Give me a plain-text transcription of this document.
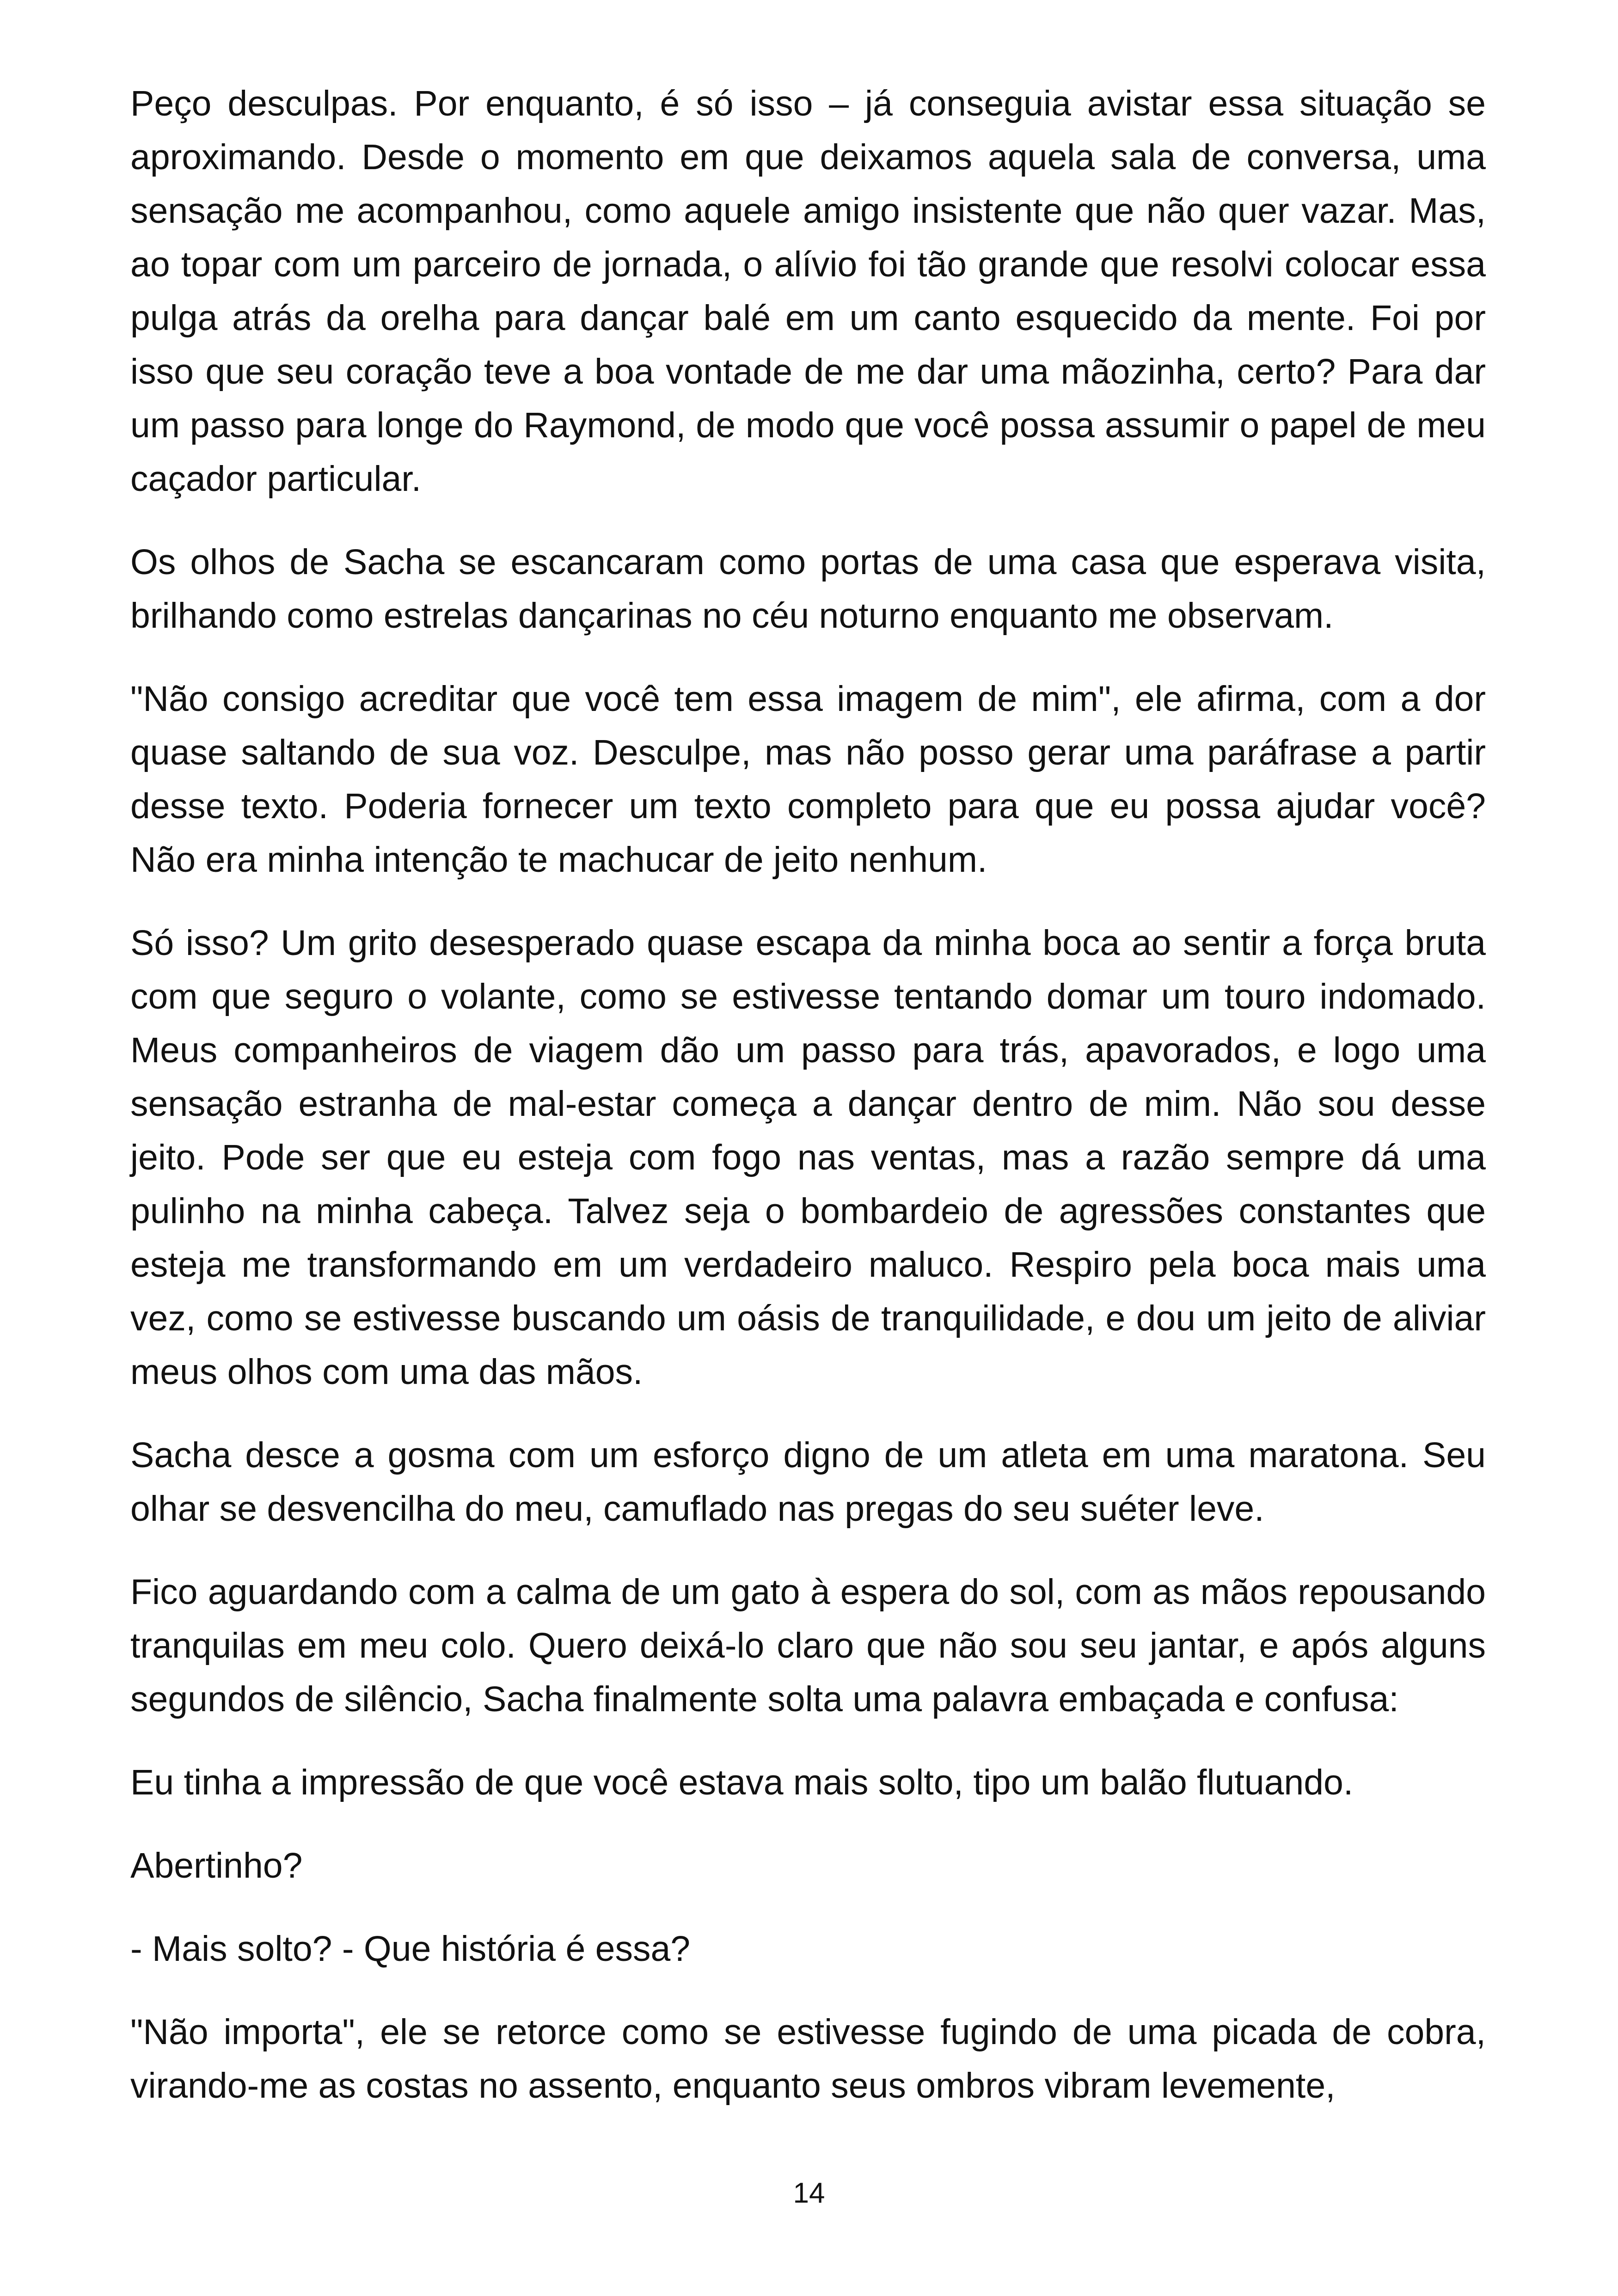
Peço desculpas. Por enquanto, é só isso – já conseguia avistar essa situação se aproximando. Desde o momento em que deixamos aquela sala de conversa, uma sensação me acompanhou, como aquele amigo insistente que não quer vazar. Mas, ao topar com um parceiro de jornada, o alívio foi tão grande que resolvi colocar essa pulga atrás da orelha para dançar balé em um canto esquecido da mente. Foi por isso que seu coração teve a boa vontade de me dar uma mãozinha, certo? Para dar um passo para longe do Raymond, de modo que você possa assumir o papel de meu caçador particular.

Os olhos de Sacha se escancaram como portas de uma casa que esperava visita, brilhando como estrelas dançarinas no céu noturno enquanto me observam.

"Não consigo acreditar que você tem essa imagem de mim", ele afirma, com a dor quase saltando de sua voz. Desculpe, mas não posso gerar uma paráfrase a partir desse texto. Poderia fornecer um texto completo para que eu possa ajudar você? Não era minha intenção te machucar de jeito nenhum.

Só isso? Um grito desesperado quase escapa da minha boca ao sentir a força bruta com que seguro o volante, como se estivesse tentando domar um touro indomado. Meus companheiros de viagem dão um passo para trás, apavorados, e logo uma sensação estranha de mal-estar começa a dançar dentro de mim. Não sou desse jeito. Pode ser que eu esteja com fogo nas ventas, mas a razão sempre dá uma pulinho na minha cabeça. Talvez seja o bombardeio de agressões constantes que esteja me transformando em um verdadeiro maluco. Respiro pela boca mais uma vez, como se estivesse buscando um oásis de tranquilidade, e dou um jeito de aliviar meus olhos com uma das mãos.

Sacha desce a gosma com um esforço digno de um atleta em uma maratona. Seu olhar se desvencilha do meu, camuflado nas pregas do seu suéter leve.

Fico aguardando com a calma de um gato à espera do sol, com as mãos repousando tranquilas em meu colo. Quero deixá-lo claro que não sou seu jantar, e após alguns segundos de silêncio, Sacha finalmente solta uma palavra embaçada e confusa:

Eu tinha a impressão de que você estava mais solto, tipo um balão flutuando.

Abertinho?

- Mais solto? - Que história é essa?

"Não importa", ele se retorce como se estivesse fugindo de uma picada de cobra, virando-me as costas no assento, enquanto seus ombros vibram levemente,

14
